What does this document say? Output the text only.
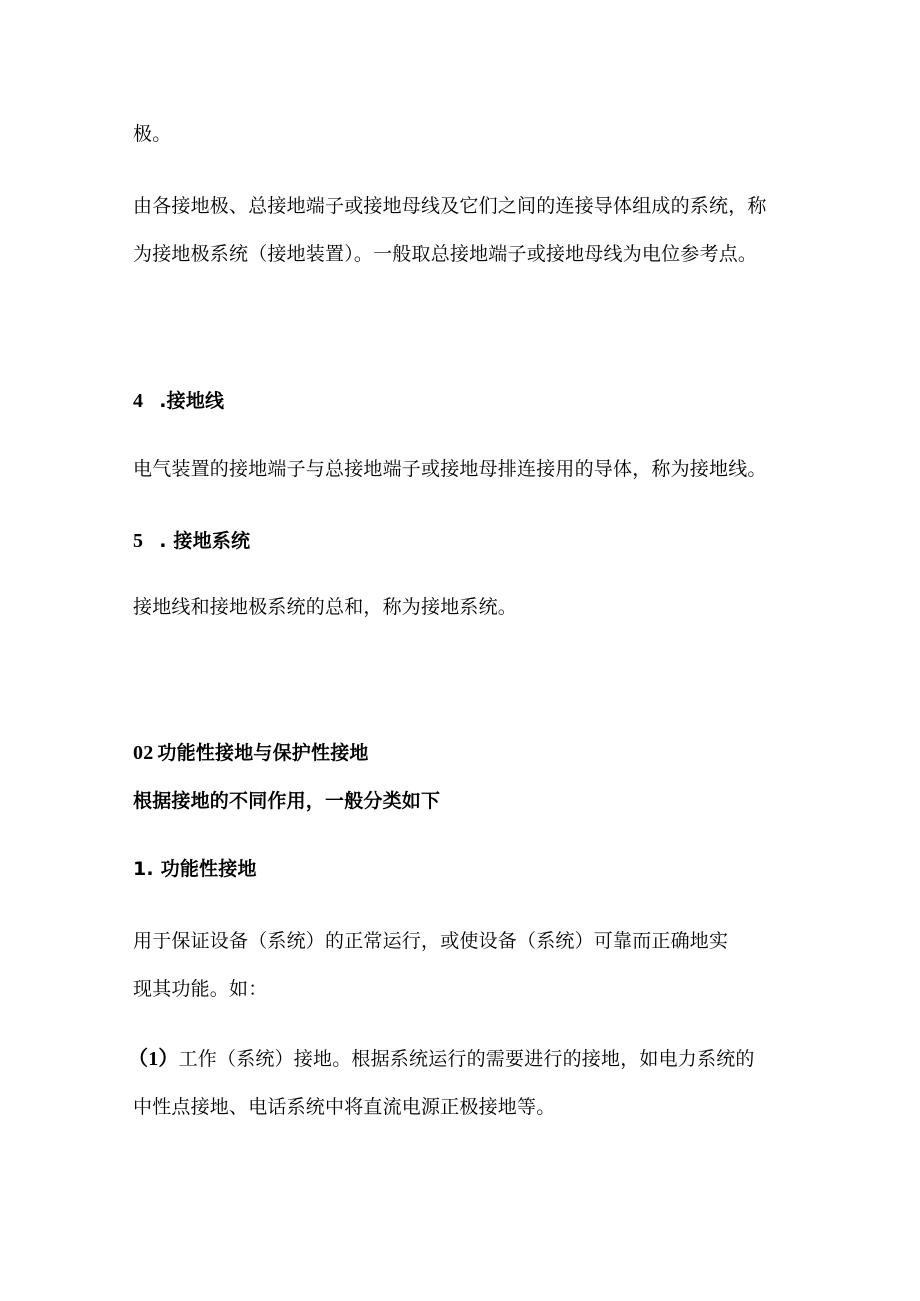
极。
由各接地极、总接地端子或接地母线及它们之间的连接导体组成的系统，称
为接地极系统（接地装置）。一般取总接地端子或接地母线为电位参考点。
4 .接地线
电气装置的接地端子与总接地端子或接地母排连接用的导体，称为接地线。
5 . 接地系统
接地线和接地极系统的总和，称为接地系统。
02 功能性接地与保护性接地
根据接地的不同作用，一般分类如下
1. 功能性接地
用于保证设备（系统）的正常运行，或使设备（系统）可靠而正确地实
现其功能。如：
（1）工作（系统）接地。根据系统运行的需要进行的接地，如电力系统的
中性点接地、电话系统中将直流电源正极接地等。
